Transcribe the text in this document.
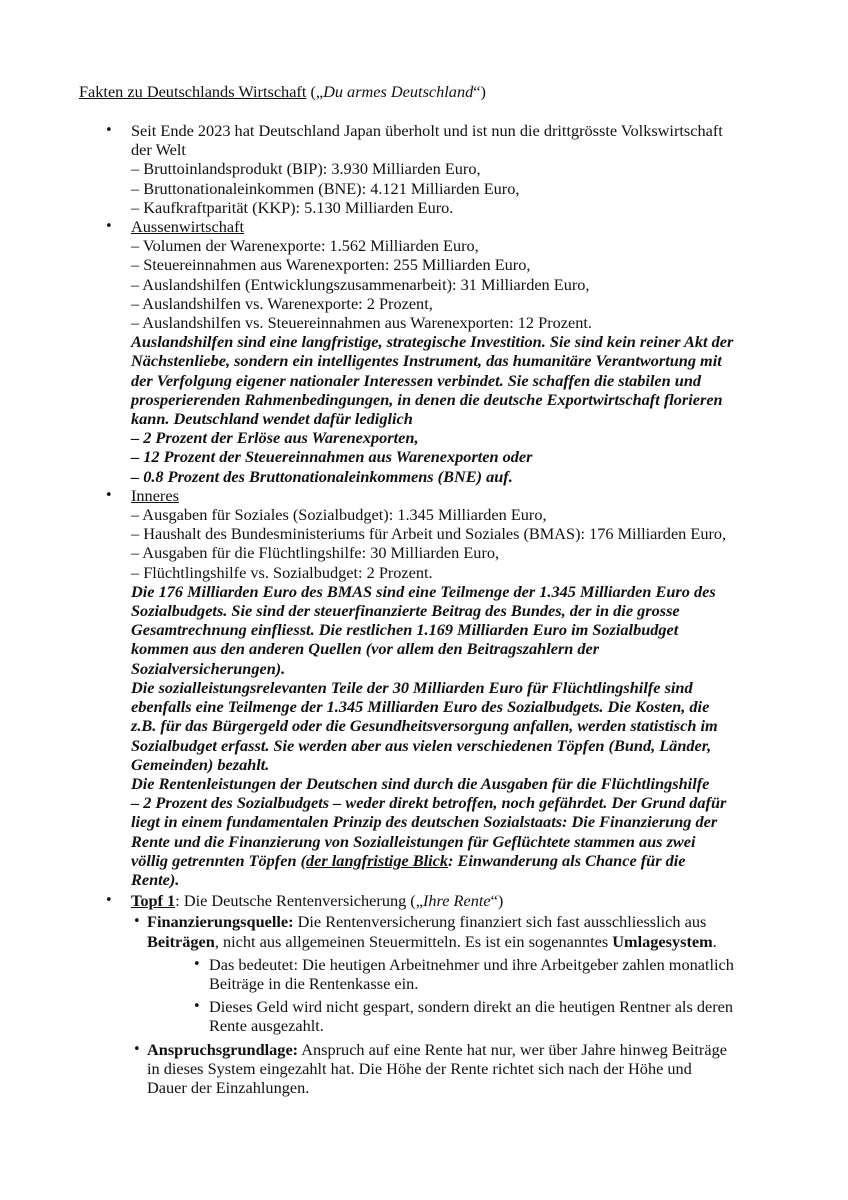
Fakten zu Deutschlands Wirtschaft („Du armes Deutschland“)
• Seit Ende 2023 hat Deutschland Japan überholt und ist nun die drittgrösste Volkswirtschaft
der Welt
– Bruttoinlandsprodukt (BIP): 3.930 Milliarden Euro,
– Bruttonationaleinkommen (BNE): 4.121 Milliarden Euro,
– Kaufkraftparität (KKP): 5.130 Milliarden Euro.
• Aussenwirtschaft
– Volumen der Warenexporte: 1.562 Milliarden Euro,
– Steuereinnahmen aus Warenexporten: 255 Milliarden Euro,
– Auslandshilfen (Entwicklungszusammenarbeit): 31 Milliarden Euro,
– Auslandshilfen vs. Warenexporte: 2 Prozent,
– Auslandshilfen vs. Steuereinnahmen aus Warenexporten: 12 Prozent.
Auslandshilfen sind eine langfristige, strategische Investition. Sie sind kein reiner Akt der
Nächstenliebe, sondern ein intelligentes Instrument, das humanitäre Verantwortung mit
der Verfolgung eigener nationaler Interessen verbindet. Sie schaffen die stabilen und
prosperierenden Rahmenbedingungen, in denen die deutsche Exportwirtschaft florieren
kann. Deutschland wendet dafür lediglich
– 2 Prozent der Erlöse aus Warenexporten,
– 12 Prozent der Steuereinnahmen aus Warenexporten oder
– 0.8 Prozent des Bruttonationaleinkommens (BNE) auf.
• Inneres
– Ausgaben für Soziales (Sozialbudget): 1.345 Milliarden Euro,
– Haushalt des Bundesministeriums für Arbeit und Soziales (BMAS): 176 Milliarden Euro,
– Ausgaben für die Flüchtlingshilfe: 30 Milliarden Euro,
– Flüchtlingshilfe vs. Sozialbudget: 2 Prozent.
Die 176 Milliarden Euro des BMAS sind eine Teilmenge der 1.345 Milliarden Euro des
Sozialbudgets. Sie sind der steuerfinanzierte Beitrag des Bundes, der in die grosse
Gesamtrechnung einfliesst. Die restlichen 1.169 Milliarden Euro im Sozialbudget
kommen aus den anderen Quellen (vor allem den Beitragszahlern der
Sozialversicherungen).
Die sozialleistungsrelevanten Teile der 30 Milliarden Euro für Flüchtlingshilfe sind
ebenfalls eine Teilmenge der 1.345 Milliarden Euro des Sozialbudgets. Die Kosten, die
z.B. für das Bürgergeld oder die Gesundheitsversorgung anfallen, werden statistisch im
Sozialbudget erfasst. Sie werden aber aus vielen verschiedenen Töpfen (Bund, Länder,
Gemeinden) bezahlt.
Die Rentenleistungen der Deutschen sind durch die Ausgaben für die Flüchtlingshilfe
– 2 Prozent des Sozialbudgets – weder direkt betroffen, noch gefährdet. Der Grund dafür
liegt in einem fundamentalen Prinzip des deutschen Sozialstaats: Die Finanzierung der
Rente und die Finanzierung von Sozialleistungen für Geflüchtete stammen aus zwei
völlig getrennten Töpfen (der langfristige Blick: Einwanderung als Chance für die
Rente).
• Topf 1: Die Deutsche Rentenversicherung („Ihre Rente“)
• Finanzierungsquelle: Die Rentenversicherung finanziert sich fast ausschliesslich aus
Beiträgen, nicht aus allgemeinen Steuermitteln. Es ist ein sogenanntes Umlagesystem.
• Das bedeutet: Die heutigen Arbeitnehmer und ihre Arbeitgeber zahlen monatlich
Beiträge in die Rentenkasse ein.
• Dieses Geld wird nicht gespart, sondern direkt an die heutigen Rentner als deren
Rente ausgezahlt.
• Anspruchsgrundlage: Anspruch auf eine Rente hat nur, wer über Jahre hinweg Beiträge
in dieses System eingezahlt hat. Die Höhe der Rente richtet sich nach der Höhe und
Dauer der Einzahlungen.
